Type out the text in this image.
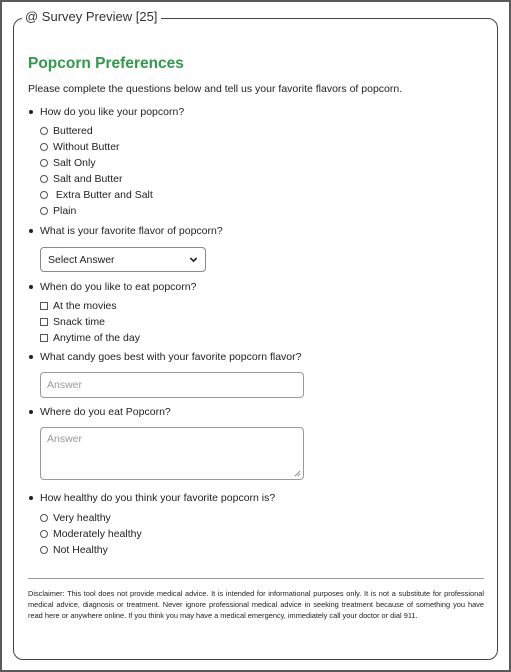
@ Survey Preview [25]
Popcorn Preferences
Please complete the questions below and tell us your favorite flavors of popcorn.
How do you like your popcorn?
Buttered
Without Butter
Salt Only
Salt and Butter
Extra Butter and Salt
Plain
What is your favorite flavor of popcorn?
Select Answer
When do you like to eat popcorn?
At the movies
Snack time
Anytime of the day
What candy goes best with your favorite popcorn flavor?
Answer
Where do you eat Popcorn?
Answer
How healthy do you think your favorite popcorn is?
Very healthy
Moderately healthy
Not Healthy
Disclaimer: This tool does not provide medical advice. It is intended for informational purposes only. It is not a substitute for professional medical advice, diagnosis or treatment. Never ignore professional medical advice in seeking treatment because of something you have read here or anywhere online. If you think you may have a medical emergency, immediately call your doctor or dial 911.
